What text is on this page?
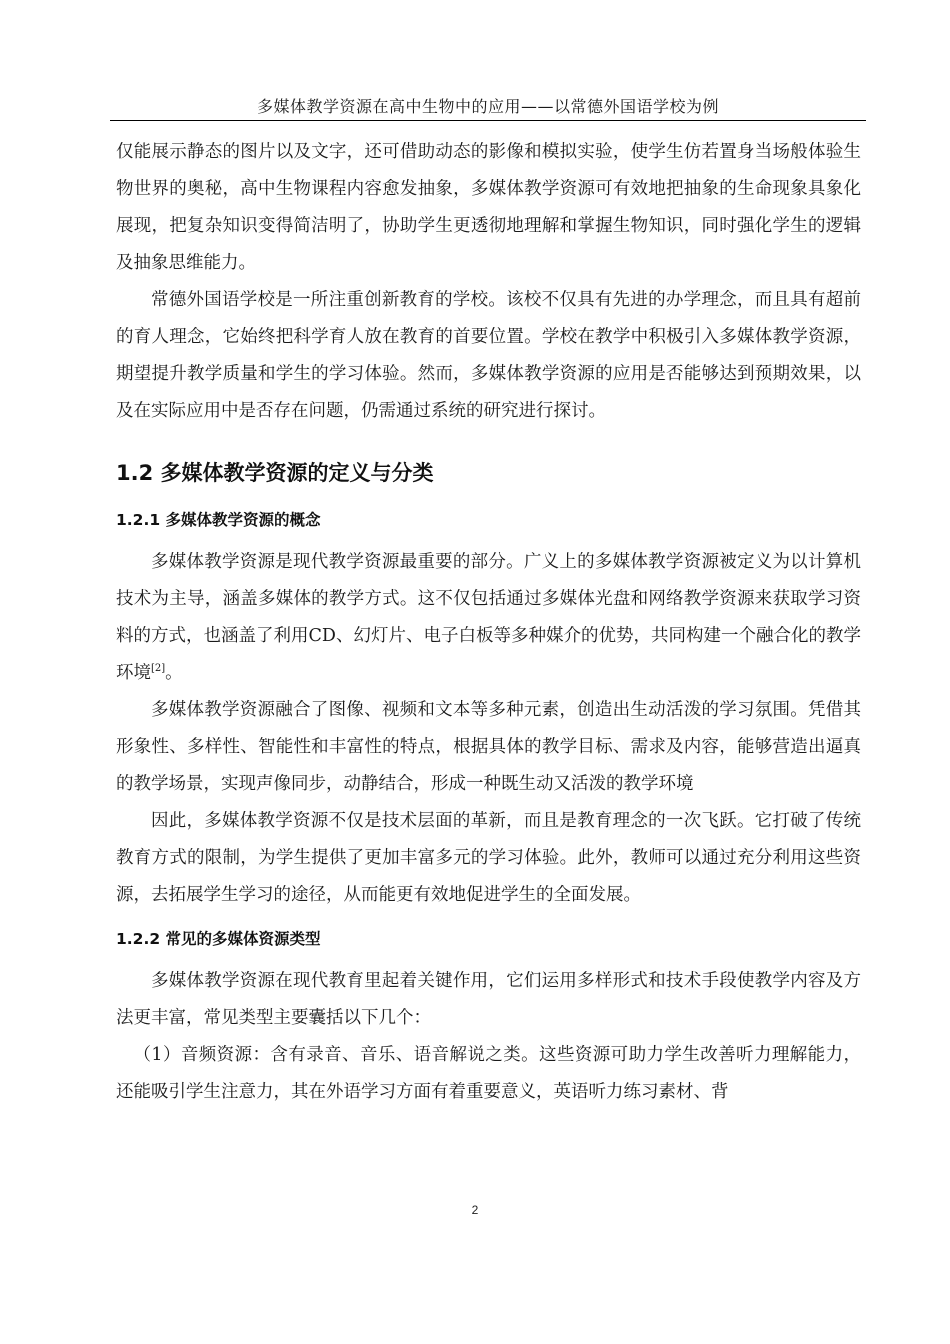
多媒体教学资源在高中生物中的应用——以常德外国语学校为例

仅能展示静态的图片以及文字，还可借助动态的影像和模拟实验，使学生仿若置身当场般体验生物世界的奥秘，高中生物课程内容愈发抽象，多媒体教学资源可有效地把抽象的生命现象具象化展现，把复杂知识变得简洁明了，协助学生更透彻地理解和掌握生物知识，同时强化学生的逻辑及抽象思维能力。

常德外国语学校是一所注重创新教育的学校。该校不仅具有先进的办学理念，而且具有超前的育人理念，它始终把科学育人放在教育的首要位置。学校在教学中积极引入多媒体教学资源，期望提升教学质量和学生的学习体验。然而，多媒体教学资源的应用是否能够达到预期效果，以及在实际应用中是否存在问题，仍需通过系统的研究进行探讨。

1.2 多媒体教学资源的定义与分类
1.2.1 多媒体教学资源的概念

多媒体教学资源是现代教学资源最重要的部分。广义上的多媒体教学资源被定义为以计算机技术为主导，涵盖多媒体的教学方式。这不仅包括通过多媒体光盘和网络教学资源来获取学习资料的方式，也涵盖了利用CD、幻灯片、电子白板等多种媒介的优势，共同构建一个融合化的教学环境[2]。

多媒体教学资源融合了图像、视频和文本等多种元素，创造出生动活泼的学习氛围。凭借其形象性、多样性、智能性和丰富性的特点，根据具体的教学目标、需求及内容，能够营造出逼真的教学场景，实现声像同步，动静结合，形成一种既生动又活泼的教学环境

因此，多媒体教学资源不仅是技术层面的革新，而且是教育理念的一次飞跃。它打破了传统教育方式的限制，为学生提供了更加丰富多元的学习体验。此外，教师可以通过充分利用这些资源，去拓展学生学习的途径，从而能更有效地促进学生的全面发展。

1.2.2 常见的多媒体资源类型

多媒体教学资源在现代教育里起着关键作用，它们运用多样形式和技术手段使教学内容及方法更丰富，常见类型主要囊括以下几个：

（1）音频资源：含有录音、音乐、语音解说之类。这些资源可助力学生改善听力理解能力，还能吸引学生注意力，其在外语学习方面有着重要意义，英语听力练习素材、背

2
